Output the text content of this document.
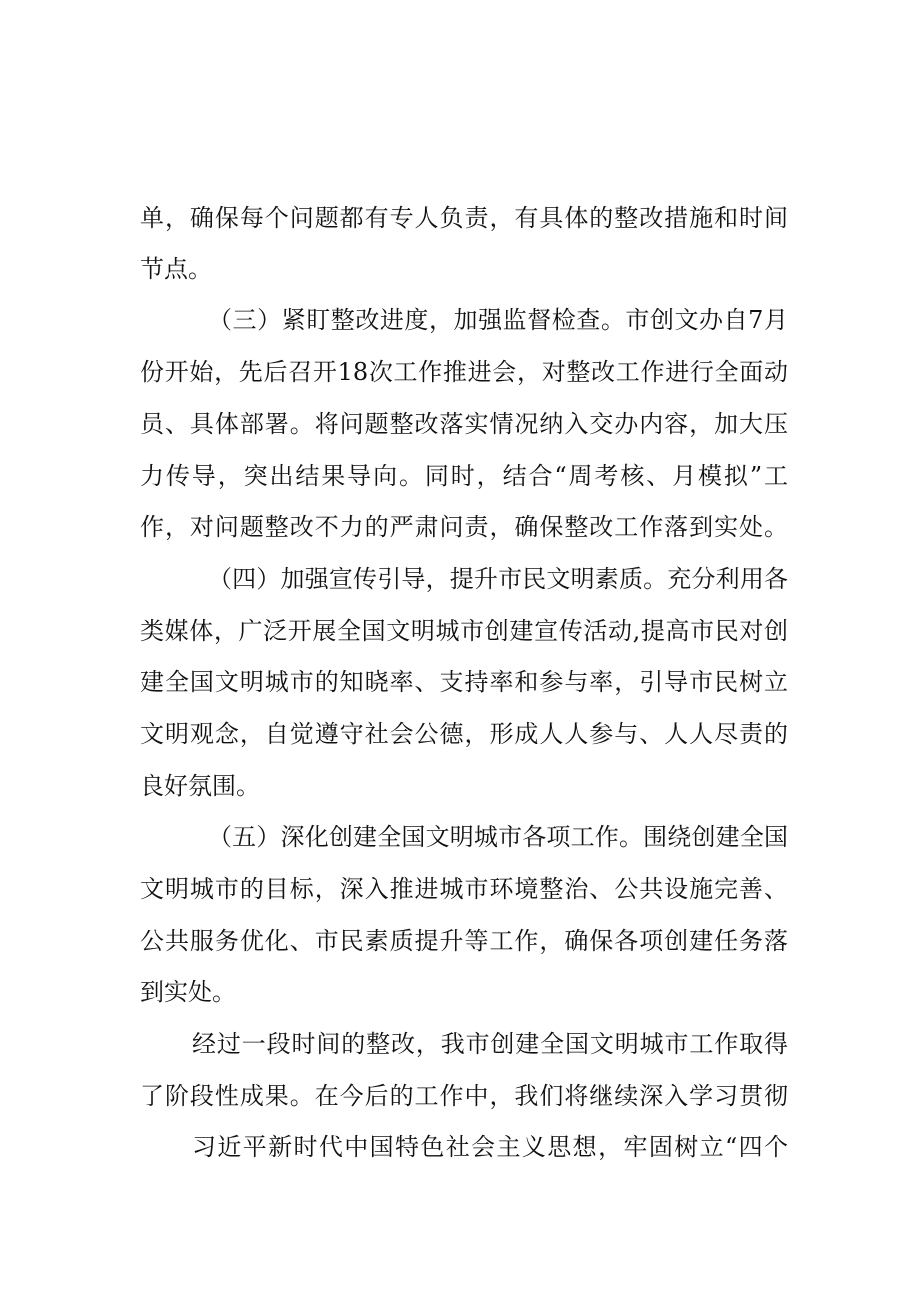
单，确保每个问题都有专人负责，有具体的整改措施和时间
节点。
（三）紧盯整改进度，加强监督检查。市创文办自7月
份开始，先后召开18次工作推进会，对整改工作进行全面动
员、具体部署。将问题整改落实情况纳入交办内容，加大压
力传导，突出结果导向。同时，结合“周考核、月模拟”工
作，对问题整改不力的严肃问责，确保整改工作落到实处。
（四）加强宣传引导，提升市民文明素质。充分利用各
类媒体，广泛开展全国文明城市创建宣传活动,提高市民对创
建全国文明城市的知晓率、支持率和参与率，引导市民树立
文明观念，自觉遵守社会公德，形成人人参与、人人尽责的
良好氛围。
（五）深化创建全国文明城市各项工作。围绕创建全国
文明城市的目标，深入推进城市环境整治、公共设施完善、
公共服务优化、市民素质提升等工作，确保各项创建任务落
到实处。
经过一段时间的整改，我市创建全国文明城市工作取得
了阶段性成果。在今后的工作中，我们将继续深入学习贯彻
习近平新时代中国特色社会主义思想，牢固树立“四个
